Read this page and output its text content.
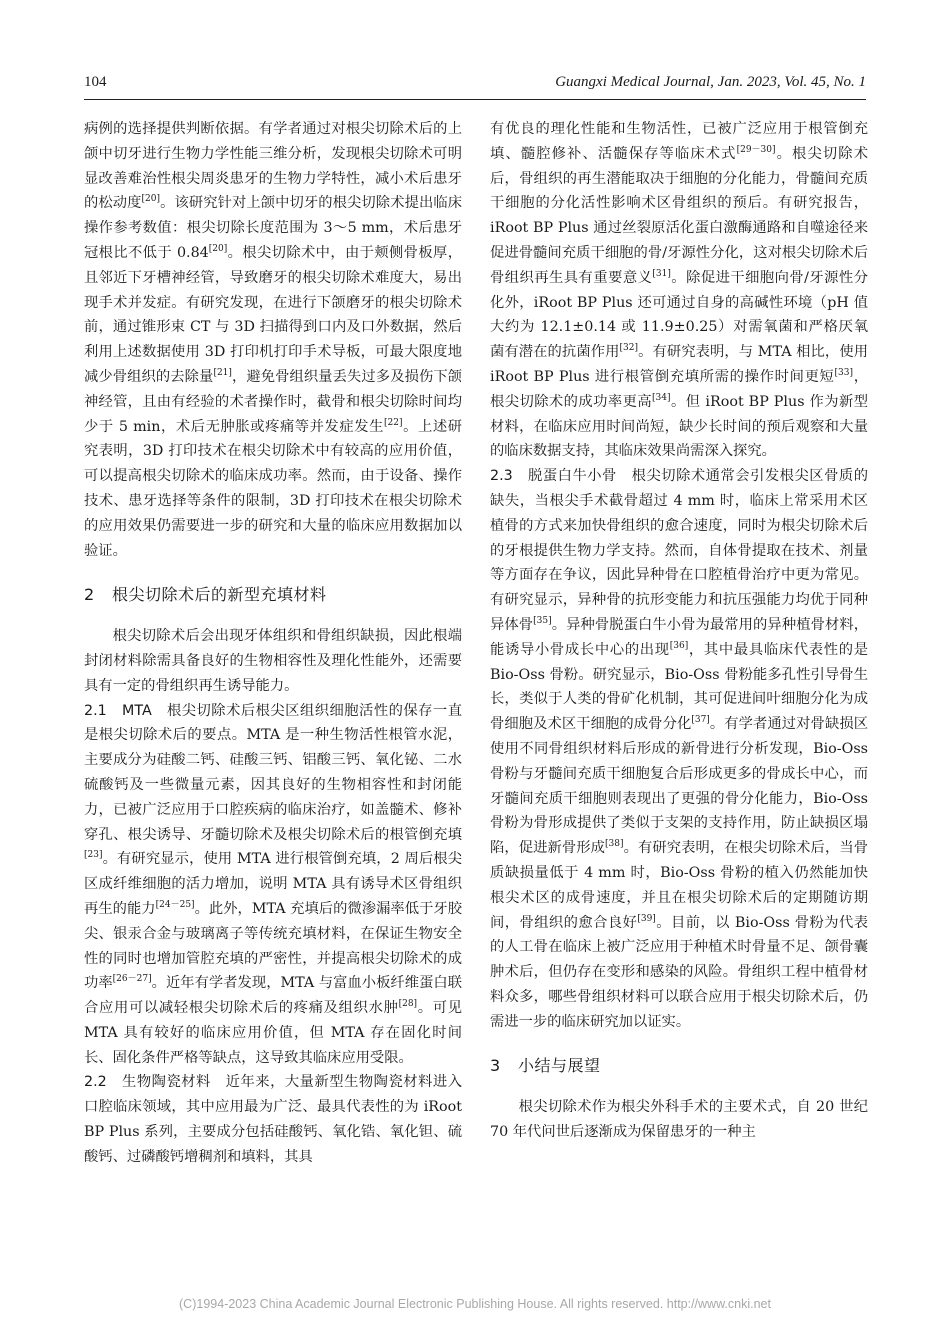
104	Guangxi Medical Journal, Jan. 2023, Vol. 45, No. 1

病例的选择提供判断依据。有学者通过对根尖切除术后的上颌中切牙进行生物力学性能三维分析，发现根尖切除术可明显改善难治性根尖周炎患牙的生物力学特性，减小术后患牙的松动度[20]。该研究针对上颌中切牙的根尖切除术提出临床操作参考数值：根尖切除长度范围为 3～5 mm，术后患牙冠根比不低于 0.84[20]。根尖切除术中，由于颊侧骨板厚，且邻近下牙槽神经管，导致磨牙的根尖切除术难度大，易出现手术并发症。有研究发现，在进行下颌磨牙的根尖切除术前，通过锥形束 CT 与 3D 扫描得到口内及口外数据，然后利用上述数据使用 3D 打印机打印手术导板，可最大限度地减少骨组织的去除量[21]，避免骨组织量丢失过多及损伤下颌神经管，且由有经验的术者操作时，截骨和根尖切除时间均少于 5 min，术后无肿胀或疼痛等并发症发生[22]。上述研究表明，3D 打印技术在根尖切除术中有较高的应用价值，可以提高根尖切除术的临床成功率。然而，由于设备、操作技术、患牙选择等条件的限制，3D 打印技术在根尖切除术的应用效果仍需要进一步的研究和大量的临床应用数据加以验证。

2 根尖切除术后的新型充填材料

根尖切除术后会出现牙体组织和骨组织缺损，因此根端封闭材料除需具备良好的生物相容性及理化性能外，还需要具有一定的骨组织再生诱导能力。

2.1　MTA　根尖切除术后根尖区组织细胞活性的保存一直是根尖切除术后的要点。MTA 是一种生物活性根管水泥，主要成分为硅酸二钙、硅酸三钙、铝酸三钙、氧化铋、二水硫酸钙及一些微量元素，因其良好的生物相容性和封闭能力，已被广泛应用于口腔疾病的临床治疗，如盖髓术、修补穿孔、根尖诱导、牙髓切除术及根尖切除术后的根管倒充填[23]。有研究显示，使用 MTA 进行根管倒充填，2 周后根尖区成纤维细胞的活力增加，说明 MTA 具有诱导术区骨组织再生的能力[24－25]。此外，MTA 充填后的微渗漏率低于牙胶尖、银汞合金与玻璃离子等传统充填材料，在保证生物安全性的同时也增加管腔充填的严密性，并提高根尖切除术的成功率[26－27]。近年有学者发现，MTA 与富血小板纤维蛋白联合应用可以减轻根尖切除术后的疼痛及组织水肿[28]。可见 MTA 具有较好的临床应用价值，但 MTA 存在固化时间长、固化条件严格等缺点，这导致其临床应用受限。

2.2　生物陶瓷材料　近年来，大量新型生物陶瓷材料进入口腔临床领域，其中应用最为广泛、最具代表性的为 iRoot BP Plus 系列，主要成分包括硅酸钙、氧化锆、氧化钽、硫酸钙、过磷酸钙增稠剂和填料，其具

有优良的理化性能和生物活性，已被广泛应用于根管倒充填、髓腔修补、活髓保存等临床术式[29－30]。根尖切除术后，骨组织的再生潜能取决于细胞的分化能力，骨髓间充质干细胞的分化活性影响术区骨组织的预后。有研究报告，iRoot BP Plus 通过丝裂原活化蛋白激酶通路和自噬途径来促进骨髓间充质干细胞的骨/牙源性分化，这对根尖切除术后骨组织再生具有重要意义[31]。除促进干细胞向骨/牙源性分化外，iRoot BP Plus 还可通过自身的高碱性环境（pH 值大约为 12.1±0.14 或 11.9±0.25）对需氧菌和严格厌氧菌有潜在的抗菌作用[32]。有研究表明，与 MTA 相比，使用 iRoot BP Plus 进行根管倒充填所需的操作时间更短[33]，根尖切除术的成功率更高[34]。但 iRoot BP Plus 作为新型材料，在临床应用时间尚短，缺少长时间的预后观察和大量的临床数据支持，其临床效果尚需深入探究。

2.3　脱蛋白牛小骨　根尖切除术通常会引发根尖区骨质的缺失，当根尖手术截骨超过 4 mm 时，临床上常采用术区植骨的方式来加快骨组织的愈合速度，同时为根尖切除术后的牙根提供生物力学支持。然而，自体骨提取在技术、剂量等方面存在争议，因此异种骨在口腔植骨治疗中更为常见。有研究显示，异种骨的抗形变能力和抗压强能力均优于同种异体骨[35]。异种骨脱蛋白牛小骨为最常用的异种植骨材料，能诱导小骨成长中心的出现[36]，其中最具临床代表性的是 Bio-Oss 骨粉。研究显示，Bio-Oss 骨粉能多孔性引导骨生长，类似于人类的骨矿化机制，其可促进间叶细胞分化为成骨细胞及术区干细胞的成骨分化[37]。有学者通过对骨缺损区使用不同骨组织材料后形成的新骨进行分析发现，Bio-Oss 骨粉与牙髓间充质干细胞复合后形成更多的骨成长中心，而牙髓间充质干细胞则表现出了更强的骨分化能力，Bio-Oss 骨粉为骨形成提供了类似于支架的支持作用，防止缺损区塌陷，促进新骨形成[38]。有研究表明，在根尖切除术后，当骨质缺损量低于 4 mm 时，Bio-Oss 骨粉的植入仍然能加快根尖术区的成骨速度，并且在根尖切除术后的定期随访期间，骨组织的愈合良好[39]。目前，以 Bio-Oss 骨粉为代表的人工骨在临床上被广泛应用于种植术时骨量不足、颌骨囊肿术后，但仍存在变形和感染的风险。骨组织工程中植骨材料众多，哪些骨组织材料可以联合应用于根尖切除术后，仍需进一步的临床研究加以证实。

3 小结与展望

根尖切除术作为根尖外科手术的主要术式，自 20 世纪 70 年代问世后逐渐成为保留患牙的一种主

(C)1994-2023 China Academic Journal Electronic Publishing House. All rights reserved. http://www.cnki.net
